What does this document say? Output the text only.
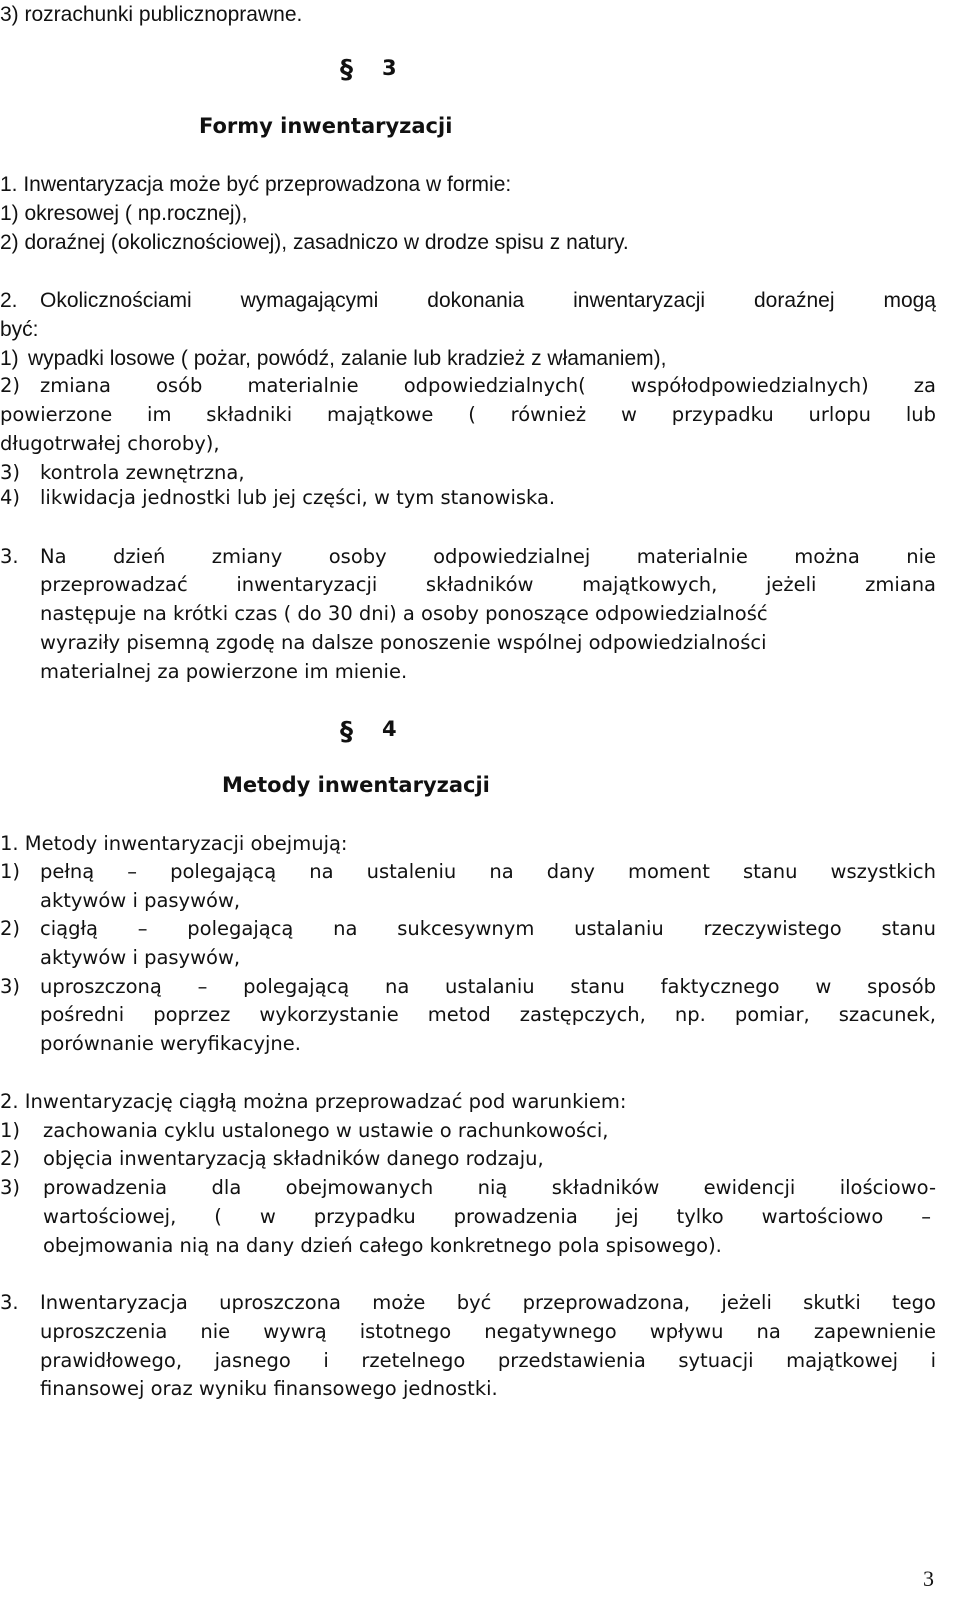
3) rozrachunki publicznoprawne.
§ 3
Formy inwentaryzacji
1. Inwentaryzacja może być przeprowadzona w formie:
1) okresowej ( np.rocznej),
2) doraźnej (okolicznościowej), zasadniczo w drodze spisu z natury.
2. Okolicznościami wymagającymi dokonania inwentaryzacji doraźnej mogą
być:
1) wypadki losowe ( pożar, powódź, zalanie lub kradzież z włamaniem),
2) zmiana osób materialnie odpowiedzialnych( współodpowiedzialnych) za
powierzone im składniki majątkowe ( również w przypadku urlopu lub
długotrwałej choroby),
3) kontrola zewnętrzna,
4) likwidacja jednostki lub jej części, w tym stanowiska.
3. Na dzień zmiany osoby odpowiedzialnej materialnie można nie
przeprowadzać inwentaryzacji składników majątkowych, jeżeli zmiana
następuje na krótki czas ( do 30 dni) a osoby ponoszące odpowiedzialność
wyraziły pisemną zgodę na dalsze ponoszenie wspólnej odpowiedzialności
materialnej za powierzone im mienie.
§ 4
Metody inwentaryzacji
1. Metody inwentaryzacji obejmują:
1) pełną – polegającą na ustaleniu na dany moment stanu wszystkich
aktywów i pasywów,
2) ciągłą – polegającą na sukcesywnym ustalaniu rzeczywistego stanu
aktywów i pasywów,
3) uproszczoną – polegającą na ustalaniu stanu faktycznego w sposób
pośredni poprzez wykorzystanie metod zastępczych, np. pomiar, szacunek,
porównanie weryfikacyjne.
2. Inwentaryzację ciągłą można przeprowadzać pod warunkiem:
1) zachowania cyklu ustalonego w ustawie o rachunkowości,
2) objęcia inwentaryzacją składników danego rodzaju,
3) prowadzenia dla obejmowanych nią składników ewidencji ilościowo-
wartościowej, ( w przypadku prowadzenia jej tylko wartościowo –
obejmowania nią na dany dzień całego konkretnego pola spisowego).
3. Inwentaryzacja uproszczona może być przeprowadzona, jeżeli skutki tego
uproszczenia nie wywrą istotnego negatywnego wpływu na zapewnienie
prawidłowego, jasnego i rzetelnego przedstawienia sytuacji majątkowej i
finansowej oraz wyniku finansowego jednostki.
3
